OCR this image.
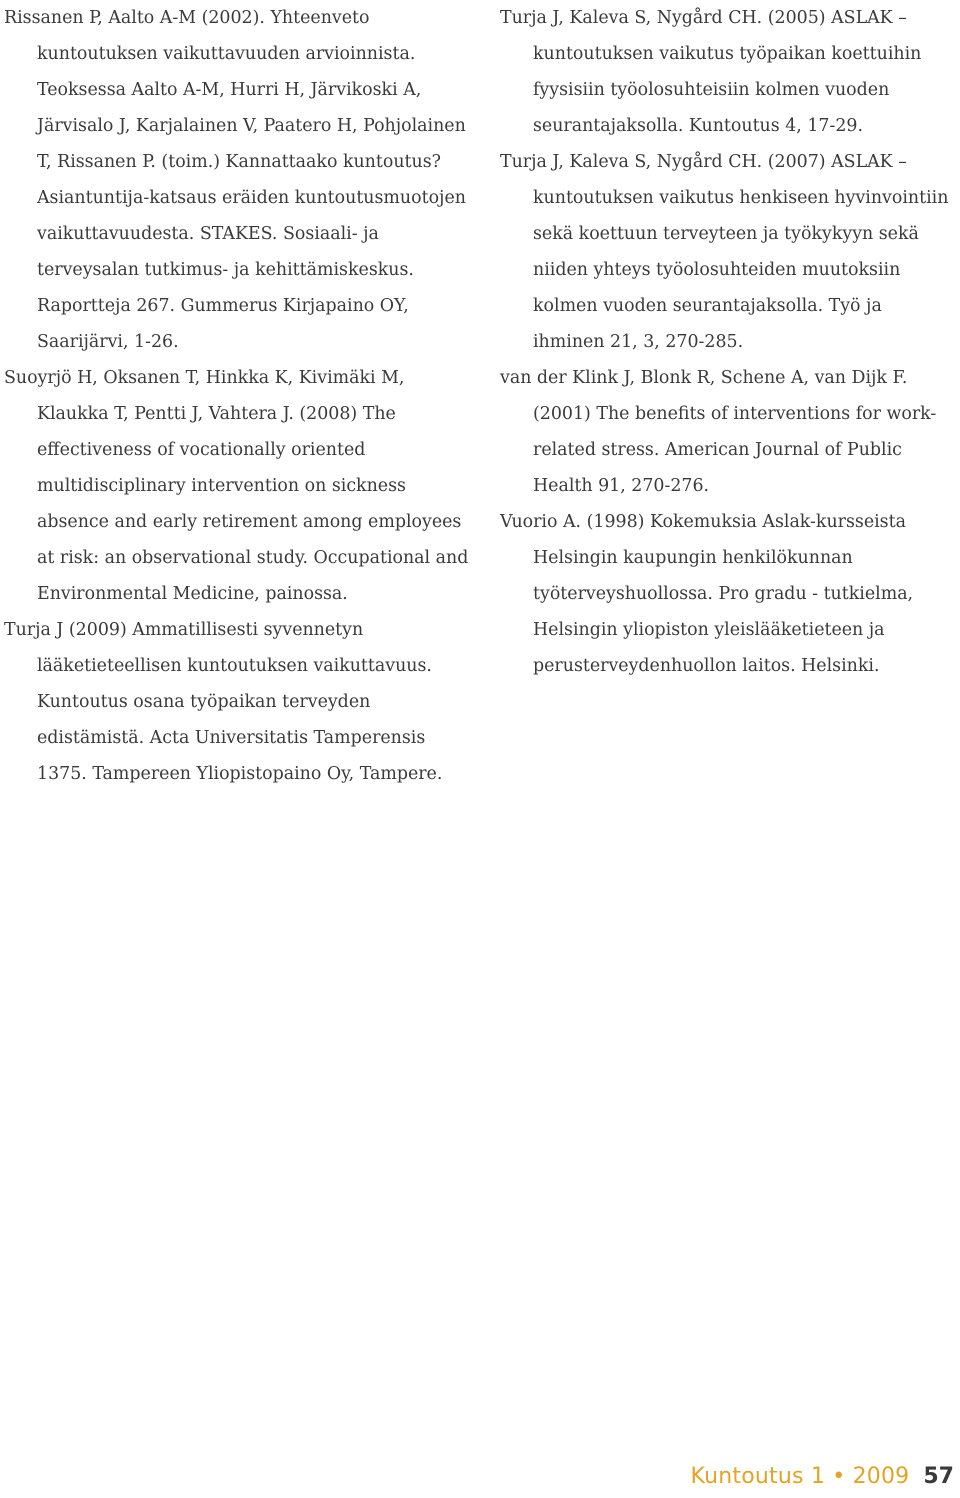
Rissanen P, Aalto A-M (2002). Yhteenveto kuntoutuksen vaikuttavuuden arvioinnista. Teoksessa Aalto A-M, Hurri H, Järvikoski A, Järvisalo J, Karjalainen V, Paatero H, Pohjolainen T, Rissanen P. (toim.) Kannattaako kuntoutus? Asiantuntija-katsaus eräiden kuntoutusmuotojen vaikuttavuudesta. STAKES. Sosiaali- ja terveysalan tutkimus- ja kehittämiskeskus. Raportteja 267. Gummerus Kirjapaino OY, Saarijärvi, 1-26.
Suoyrjö H, Oksanen T, Hinkka K, Kivimäki M, Klaukka T, Pentti J, Vahtera J. (2008) The effectiveness of vocationally oriented multidisciplinary intervention on sickness absence and early retirement among employees at risk: an observational study. Occupational and Environmental Medicine, painossa.
Turja J (2009) Ammatillisesti syvennetyn lääketieteellisen kuntoutuksen vaikuttavuus. Kuntoutus osana työpaikan terveyden edistämistä. Acta Universitatis Tamperensis 1375. Tampereen Yliopistopaino Oy, Tampere.
Turja J, Kaleva S, Nygård CH. (2005) ASLAK – kuntoutuksen vaikutus työpaikan koettuihin fyysisiin työolosuhteisiin kolmen vuoden seurantajaksolla. Kuntoutus 4, 17-29.
Turja J, Kaleva S, Nygård CH. (2007) ASLAK – kuntoutuksen vaikutus henkiseen hyvinvointiin sekä koettuun terveyteen ja työkykyyn sekä niiden yhteys työolosuhteiden muutoksiin kolmen vuoden seurantajaksolla. Työ ja ihminen 21, 3, 270-285.
van der Klink J, Blonk R, Schene A, van Dijk F. (2001) The benefits of interventions for work-related stress. American Journal of Public Health 91, 270-276.
Vuorio A. (1998) Kokemuksia Aslak-kursseista Helsingin kaupungin henkilökunnan työterveyshuollossa. Pro gradu - tutkielma, Helsingin yliopiston yleislääketieteen ja perusterveydenhuollon laitos. Helsinki.
Kuntoutus 1 • 2009 57
